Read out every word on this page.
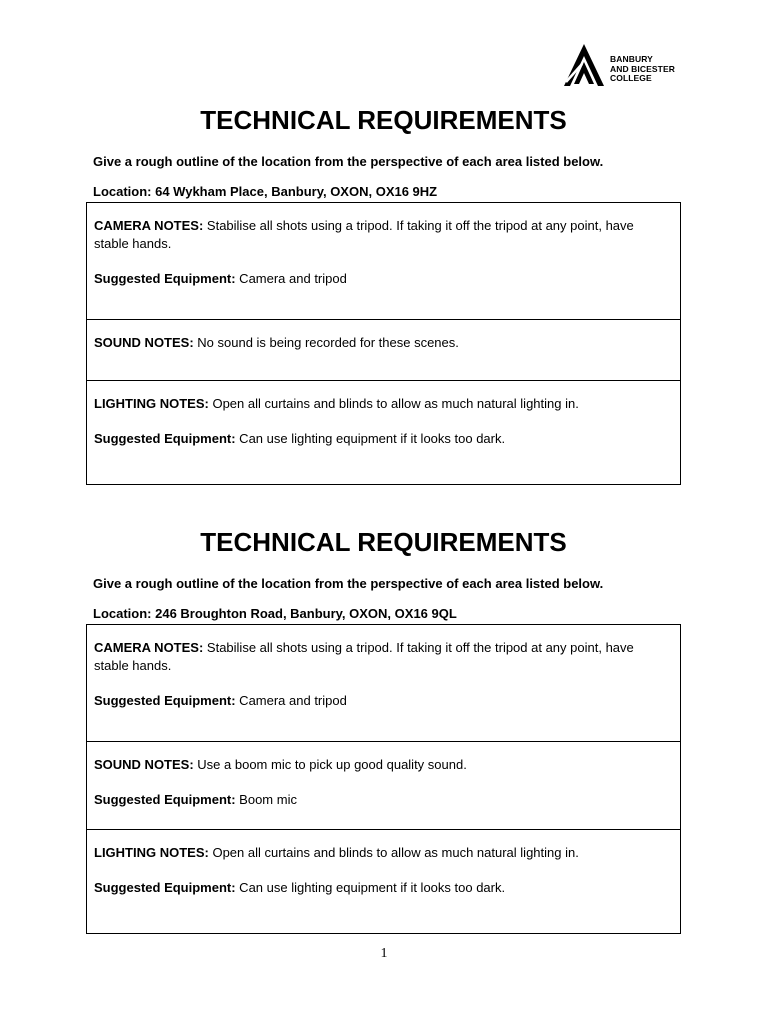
BANBURY
AND BICESTER
COLLEGE
TECHNICAL REQUIREMENTS
Give a rough outline of the location from the perspective of each area listed below.
Location: 64 Wykham Place, Banbury, OXON, OX16 9HZ

CAMERA NOTES: Stabilise all shots using a tripod. If taking it off the tripod at any point, have stable hands.

Suggested Equipment: Camera and tripod

SOUND NOTES: No sound is being recorded for these scenes.

LIGHTING NOTES: Open all curtains and blinds to allow as much natural lighting in.

Suggested Equipment: Can use lighting equipment if it looks too dark.

TECHNICAL REQUIREMENTS
Give a rough outline of the location from the perspective of each area listed below.
Location: 246 Broughton Road, Banbury, OXON, OX16 9QL

CAMERA NOTES: Stabilise all shots using a tripod. If taking it off the tripod at any point, have stable hands.

Suggested Equipment: Camera and tripod

SOUND NOTES: Use a boom mic to pick up good quality sound.

Suggested Equipment: Boom mic

LIGHTING NOTES: Open all curtains and blinds to allow as much natural lighting in.

Suggested Equipment: Can use lighting equipment if it looks too dark.

1
